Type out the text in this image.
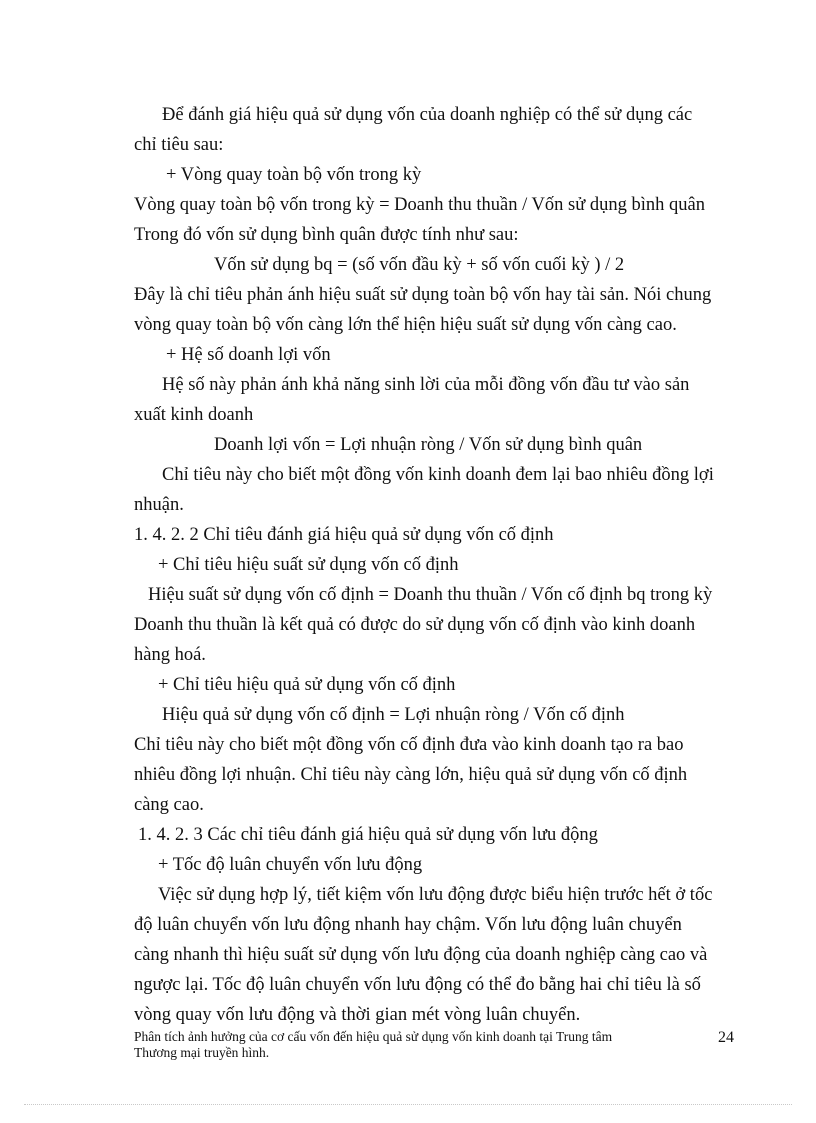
Để đánh giá hiệu quả sử dụng vốn của doanh nghiệp có thể sử dụng các
chỉ tiêu sau:
+ Vòng quay toàn bộ vốn trong kỳ
Vòng quay toàn bộ vốn trong kỳ = Doanh thu thuần / Vốn sử dụng bình quân
Trong đó vốn sử dụng bình quân được tính như sau:
Vốn sử dụng bq = (số vốn đầu kỳ + số vốn cuối kỳ ) / 2
Đây là chỉ tiêu phản ánh hiệu suất sử dụng toàn bộ vốn hay tài sản. Nói chung
vòng quay toàn bộ vốn càng lớn thể hiện hiệu suất sử dụng vốn càng cao.
+ Hệ số doanh lợi vốn
Hệ số này phản ánh khả năng sinh lời của mỗi đồng vốn đầu tư vào sản
xuất kinh doanh
Doanh lợi vốn = Lợi nhuận ròng / Vốn sử dụng bình quân
Chỉ tiêu này cho biết một đồng vốn kinh doanh đem lại bao nhiêu đồng lợi
nhuận.
1. 4. 2. 2 Chỉ tiêu đánh giá hiệu quả sử dụng vốn cố định
+ Chỉ tiêu hiệu suất sử dụng vốn cố định
Hiệu suất sử dụng vốn cố định = Doanh thu thuần / Vốn cố định bq trong kỳ
Doanh thu thuần là kết quả có được do sử dụng vốn cố định vào kinh doanh
hàng hoá.
+ Chỉ tiêu hiệu quả sử dụng vốn cố định
Hiệu quả sử dụng vốn cố định = Lợi nhuận ròng / Vốn cố định
Chỉ tiêu này cho biết một đồng vốn cố định đưa vào kinh doanh tạo ra bao
nhiêu đồng lợi nhuận. Chỉ tiêu này càng lớn, hiệu quả sử dụng vốn cố định
càng cao.
1. 4. 2. 3 Các chỉ tiêu đánh giá hiệu quả sử dụng vốn lưu động
+ Tốc độ luân chuyển vốn lưu động
Việc sử dụng hợp lý, tiết kiệm vốn lưu động được biểu hiện trước hết ở tốc
độ luân chuyển vốn lưu động nhanh hay chậm. Vốn lưu động luân chuyển
càng nhanh thì hiệu suất sử dụng vốn lưu động của doanh nghiệp càng cao và
ngược lại. Tốc độ luân chuyển vốn lưu động có thể đo bằng hai chỉ tiêu là số
vòng quay vốn lưu động và thời gian mét vòng luân chuyển.
Phân tích ảnh hưởng của cơ cấu vốn đến hiệu quả sử dụng vốn kinh doanh tại Trung tâm
Thương mại truyền hình.
24
